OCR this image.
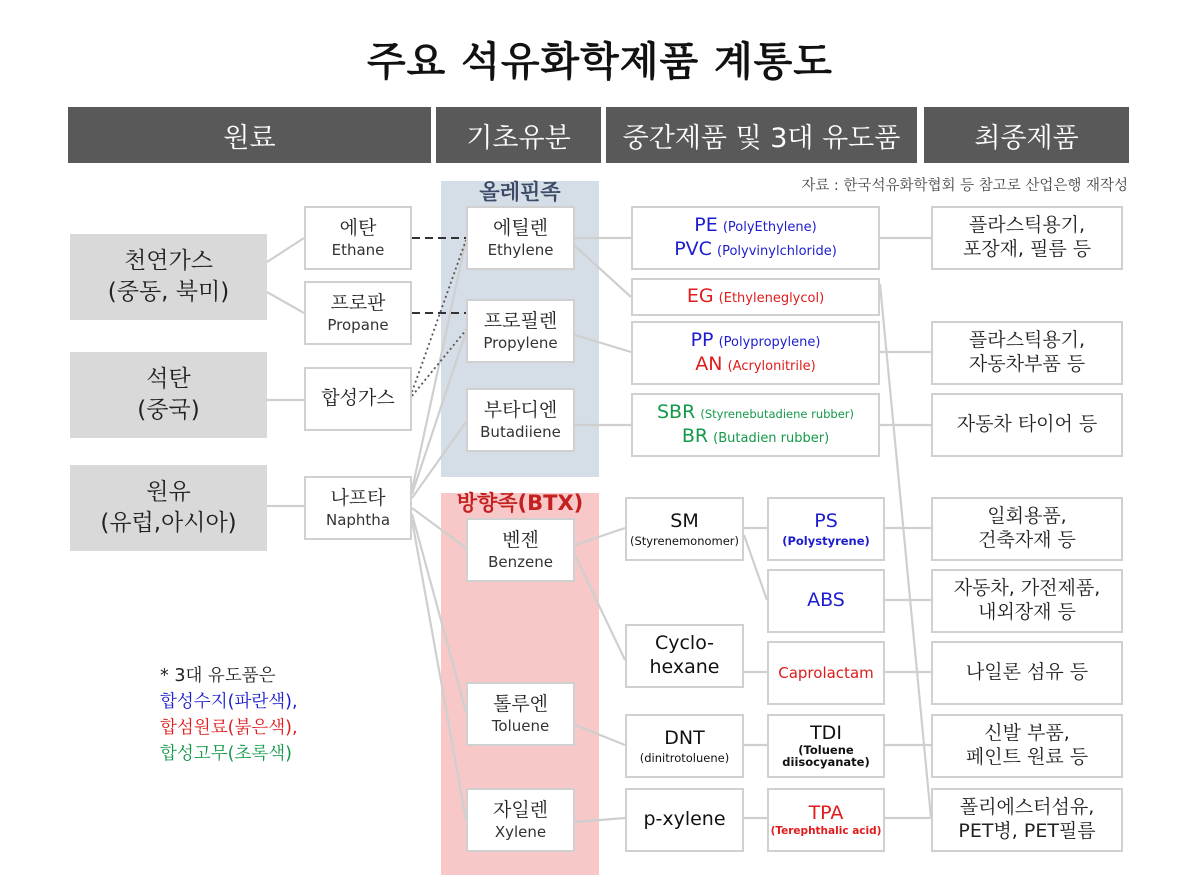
주요 석유화학제품 계통도
원료	기초유분	중간제품 및 3대 유도품	최종제품
자료 : 한국석유화학협회 등 참고로 산업은행 재작성
올레핀족
방향족(BTX)
천연가스
(중동, 북미)
석탄
(중국)
원유
(유럽,아시아)
에탄
Ethane
프로판
Propane
합성가스
나프타
Naphtha
에틸렌
Ethylene
프로필렌
Propylene
부타디엔
Butadiiene
벤젠
Benzene
톨루엔
Toluene
자일렌
Xylene
PE (PolyEthylene)
PVC (Polyvinylchloride)
EG (Ethyleneglycol)
PP (Polypropylene)
AN (Acrylonitrile)
SBR (Styrenebutadiene rubber)
BR (Butadien rubber)
SM
(Styrenemonomer)
Cyclo-
hexane
DNT
(dinitrotoluene)
p-xylene
PS
(Polystyrene)
ABS
Caprolactam
TDI
(Toluene
diisocyanate)
TPA
(Terephthalic acid)
플라스틱용기,
포장재, 필름 등
플라스틱용기,
자동차부품 등
자동차 타이어 등
일회용품,
건축자재 등
자동차, 가전제품,
내외장재 등
나일론 섬유 등
신발 부품,
페인트 원료 등
폴리에스터섬유,
PET병, PET필름
* 3대 유도품은
합성수지(파란색),
합섬원료(붉은색),
합성고무(초록색)
